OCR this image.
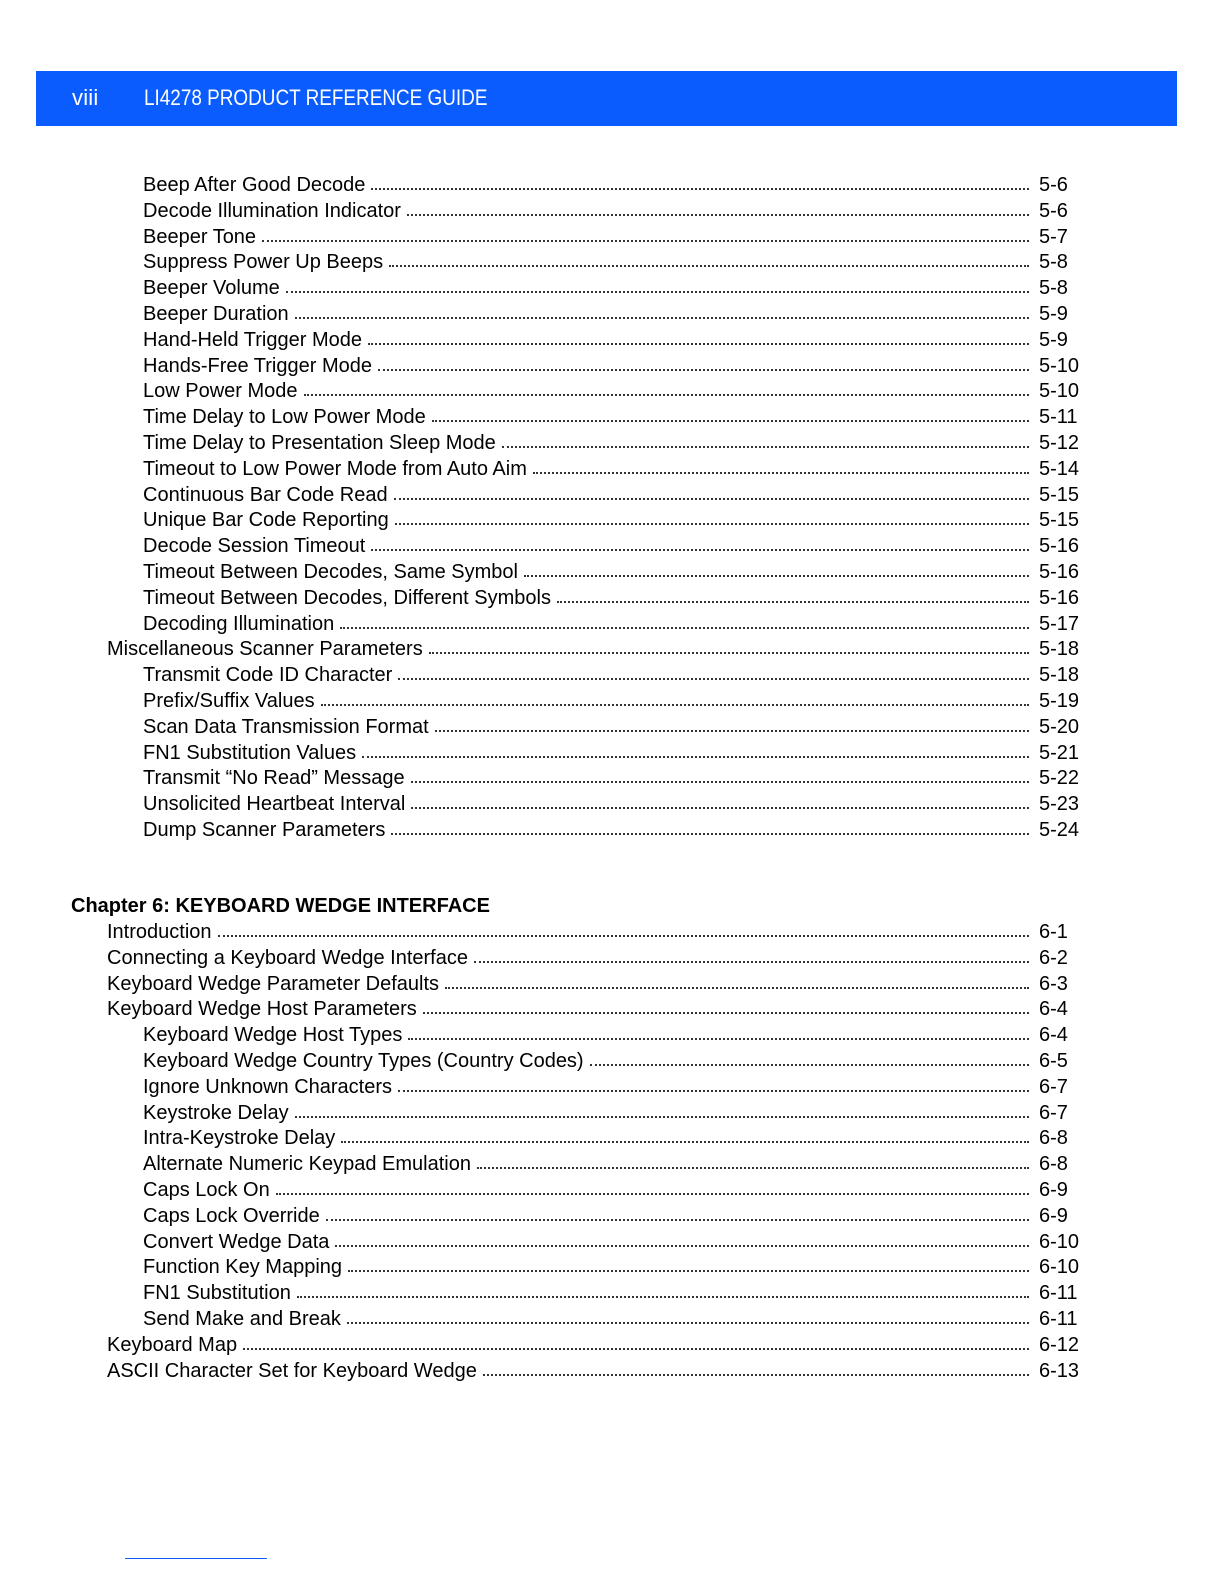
viii LI4278 PRODUCT REFERENCE GUIDE
Beep After Good Decode	5-6
Decode Illumination Indicator	5-6
Beeper Tone	5-7
Suppress Power Up Beeps	5-8
Beeper Volume	5-8
Beeper Duration	5-9
Hand-Held Trigger Mode	5-9
Hands-Free Trigger Mode	5-10
Low Power Mode	5-10
Time Delay to Low Power Mode	5-11
Time Delay to Presentation Sleep Mode	5-12
Timeout to Low Power Mode from Auto Aim	5-14
Continuous Bar Code Read	5-15
Unique Bar Code Reporting	5-15
Decode Session Timeout	5-16
Timeout Between Decodes, Same Symbol	5-16
Timeout Between Decodes, Different Symbols	5-16
Decoding Illumination	5-17
Miscellaneous Scanner Parameters	5-18
Transmit Code ID Character	5-18
Prefix/Suffix Values	5-19
Scan Data Transmission Format	5-20
FN1 Substitution Values	5-21
Transmit “No Read” Message	5-22
Unsolicited Heartbeat Interval	5-23
Dump Scanner Parameters	5-24
Chapter 6: KEYBOARD WEDGE INTERFACE
Introduction	6-1
Connecting a Keyboard Wedge Interface	6-2
Keyboard Wedge Parameter Defaults	6-3
Keyboard Wedge Host Parameters	6-4
Keyboard Wedge Host Types	6-4
Keyboard Wedge Country Types (Country Codes)	6-5
Ignore Unknown Characters	6-7
Keystroke Delay	6-7
Intra-Keystroke Delay	6-8
Alternate Numeric Keypad Emulation	6-8
Caps Lock On	6-9
Caps Lock Override	6-9
Convert Wedge Data	6-10
Function Key Mapping	6-10
FN1 Substitution	6-11
Send Make and Break	6-11
Keyboard Map	6-12
ASCII Character Set for Keyboard Wedge	6-13
